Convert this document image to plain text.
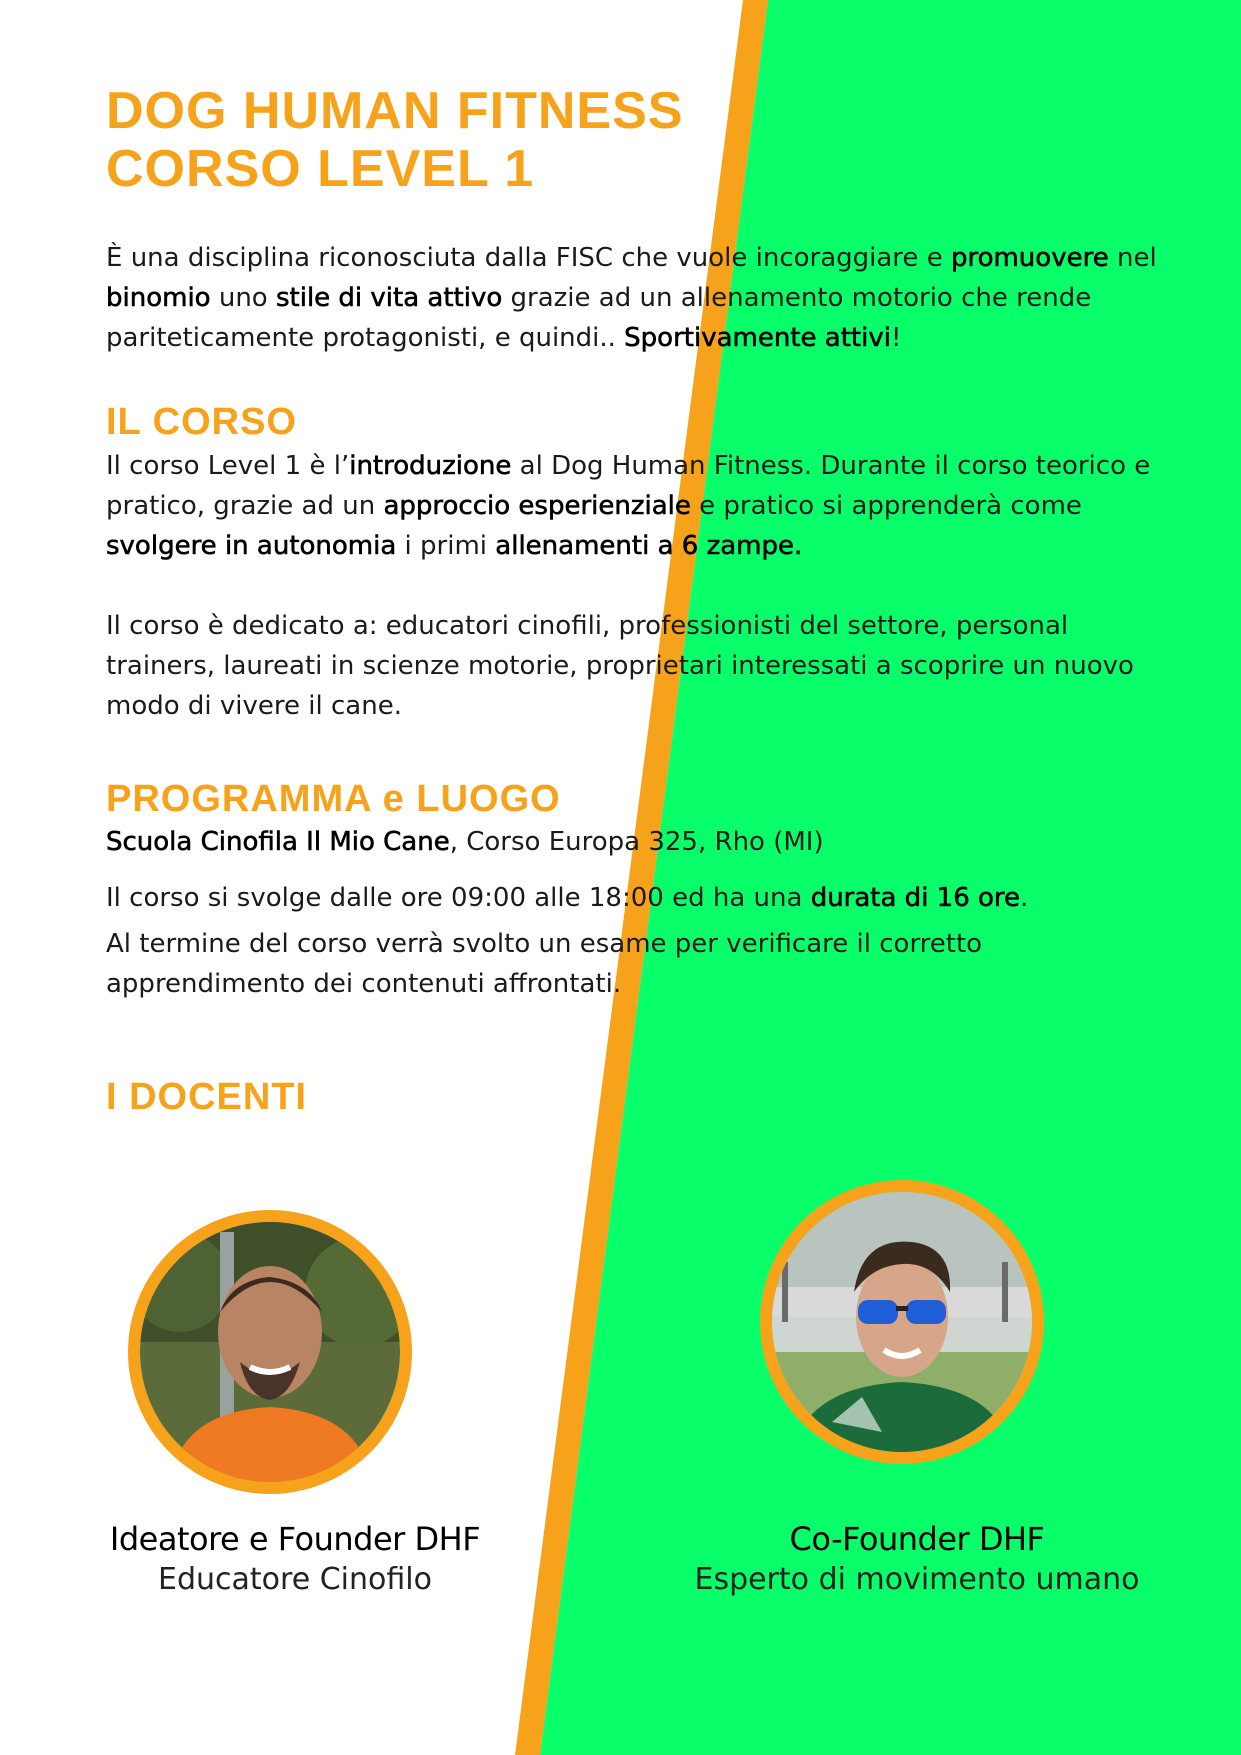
DOG HUMAN FITNESS
CORSO LEVEL 1

È una disciplina riconosciuta dalla FISC che vuole incoraggiare e promuovere nel binomio uno stile di vita attivo grazie ad un allenamento motorio che rende pariteticamente protagonisti, e quindi.. Sportivamente attivi!

IL CORSO

Il corso Level 1 è l’introduzione al Dog Human Fitness. Durante il corso teorico e pratico, grazie ad un approccio esperienziale e pratico si apprenderà come svolgere in autonomia i primi allenamenti a 6 zampe.

Il corso è dedicato a: educatori cinofili, professionisti del settore, personal trainers, laureati in scienze motorie, proprietari interessati a scoprire un nuovo modo di vivere il cane.

PROGRAMMA e LUOGO

Scuola Cinofila Il Mio Cane, Corso Europa 325, Rho (MI)

Il corso si svolge dalle ore 09:00 alle 18:00 ed ha una durata di 16 ore.

Al termine del corso verrà svolto un esame per verificare il corretto apprendimento dei contenuti affrontati.

I DOCENTI
Ideatore e Founder DHF
Educatore Cinofilo
Co-Founder DHF
Esperto di movimento umano
